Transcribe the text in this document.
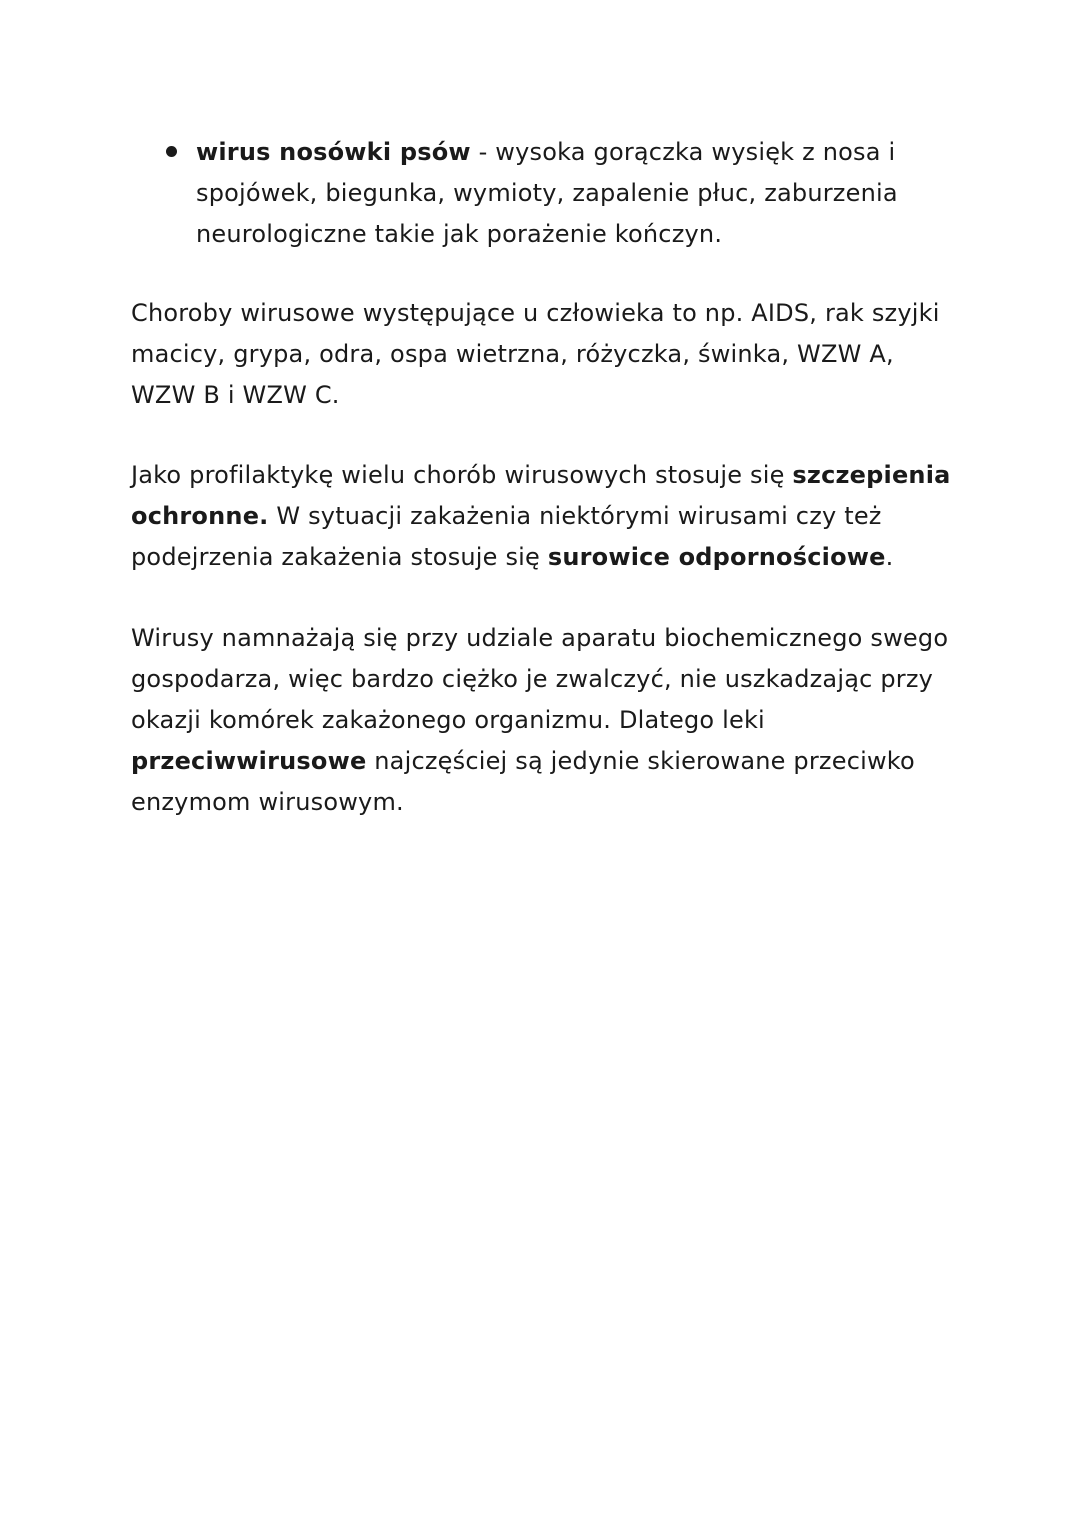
wirus nosówki psów - wysoka gorączka wysięk z nosa i spojówek, biegunka, wymioty, zapalenie płuc, zaburzenia neurologiczne takie jak porażenie kończyn.

Choroby wirusowe występujące u człowieka to np. AIDS, rak szyjki macicy, grypa, odra, ospa wietrzna, różyczka, świnka, WZW A, WZW B i WZW C.

Jako profilaktykę wielu chorób wirusowych stosuje się szczepienia ochronne. W sytuacji zakażenia niektórymi wirusami czy też podejrzenia zakażenia stosuje się surowice odpornościowe.

Wirusy namnażają się przy udziale aparatu biochemicznego swego gospodarza, więc bardzo ciężko je zwalczyć, nie uszkadzając przy okazji komórek zakażonego organizmu. Dlatego leki przeciwwirusowe najczęściej są jedynie skierowane przeciwko enzymom wirusowym.
